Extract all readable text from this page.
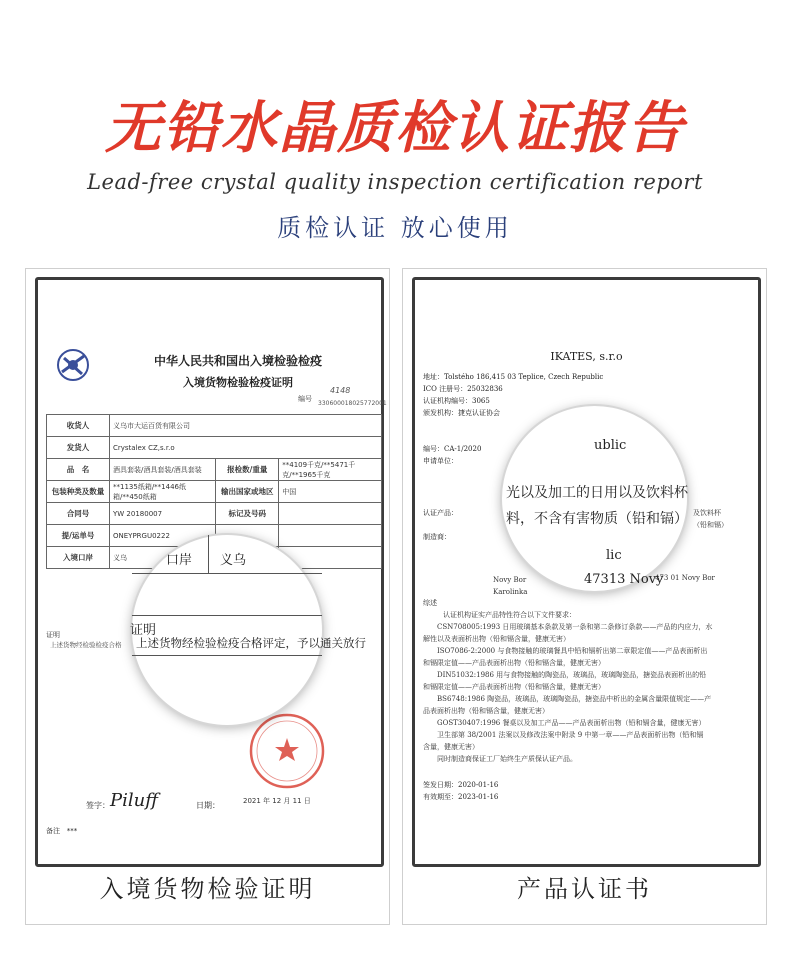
无铅水晶质检认证报告
Lead-free crystal quality inspection certification report
质检认证 放心使用
中华人民共和国出入境检验检疫
入境货物检验检疫证明
4148
编号
330600018025772001
收货人	义乌市大运百货有限公司		
发货人	Crystalex CZ,s.r.o		
品　名	酒具套装/酒具套装/酒具套装	报检数/重量	**4109千克/**5471千克/**1965千克
包装种类及数量	**1135纸箱/**1446纸箱/**450纸箱	输出国家或地区	中国
合同号	YW 20180007	标记及号码	
提/运单号	ONEYPRGU0222		
入境口岸	义乌		
证明
上述货物经检验检疫合格
签字： Piluff	日期：	2021 年 12 月 11 日
备注 ***
口岸 义乌
证明
上述货物经检验检疫合格评定，予以通关放行
入境货物检验证明
IKATES, s.r.o
地址：Tolstého 186,415 03 Teplice, Czech Republic
ICO 注册号：25032836
认证机构编号：3065
颁发机构：捷克认证协会
编号：CA-1/2020
申请单位：
认证产品：	及饮料杯
（铅和镉）
制造商：
Novy Bor	473 01 Novy Bor
Karolinka
综述
认证机构证实产品特性符合以下文件要求：
CSN708005:1993 日用玻璃基本条款及第一条和第二条修订条款——产品的内应力，水
解性以及表面析出物（铅和镉含量，健康无害）
ISO7086-2:2000 与食物接触的玻璃餐具中铅和镉析出第二章限定值——产品表面析出
和镉限定值——产品表面析出物（铅和镉含量，健康无害）
DIN51032:1986 用与食物接触的陶瓷品，玻璃品，玻璃陶瓷品，搪瓷品表面析出的铅
和镉限定值——产品表面析出物（铅和镉含量，健康无害）
BS6748:1986 陶瓷品，玻璃品，玻璃陶瓷品，搪瓷品中析出的金属含量限值规定——产
品表面析出物（铅和镉含量，健康无害）
GOST30407:1996 餐桌以及加工产品——产品表面析出物（铅和镉含量，健康无害）
卫生部第 38/2001 法案以及修改法案中附录 9 中第一章——产品表面析出物（铅和镉
含量，健康无害）
同时制造商保证工厂始终生产质保认证产品。
签发日期：2020-01-16
有效期至：2023-01-16
ublic
光以及加工的日用以及饮料杯
料，不含有害物质（铅和镉）
lic
47313 Novy
产品认证书
